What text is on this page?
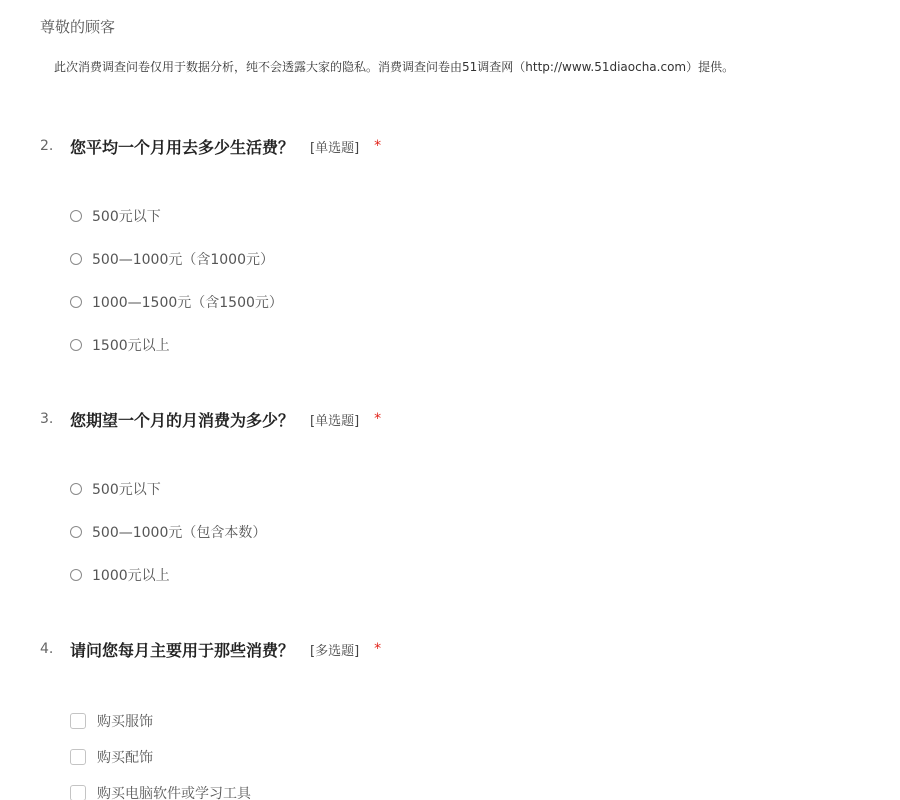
尊敬的顾客
此次消费调查问卷仅用于数据分析，纯不会透露大家的隐私。消费调查问卷由51调查网（http://www.51diaocha.com）提供。
2.	您平均一个月用去多少生活费？ [单选题] *
500元以下
500—1000元（含1000元）
1000—1500元（含1500元）
1500元以上
3.	您期望一个月的月消费为多少？ [单选题] *
500元以下
500—1000元（包含本数）
1000元以上
4.	请问您每月主要用于那些消费？ [多选题] *
购买服饰
购买配饰
购买电脑软件或学习工具
